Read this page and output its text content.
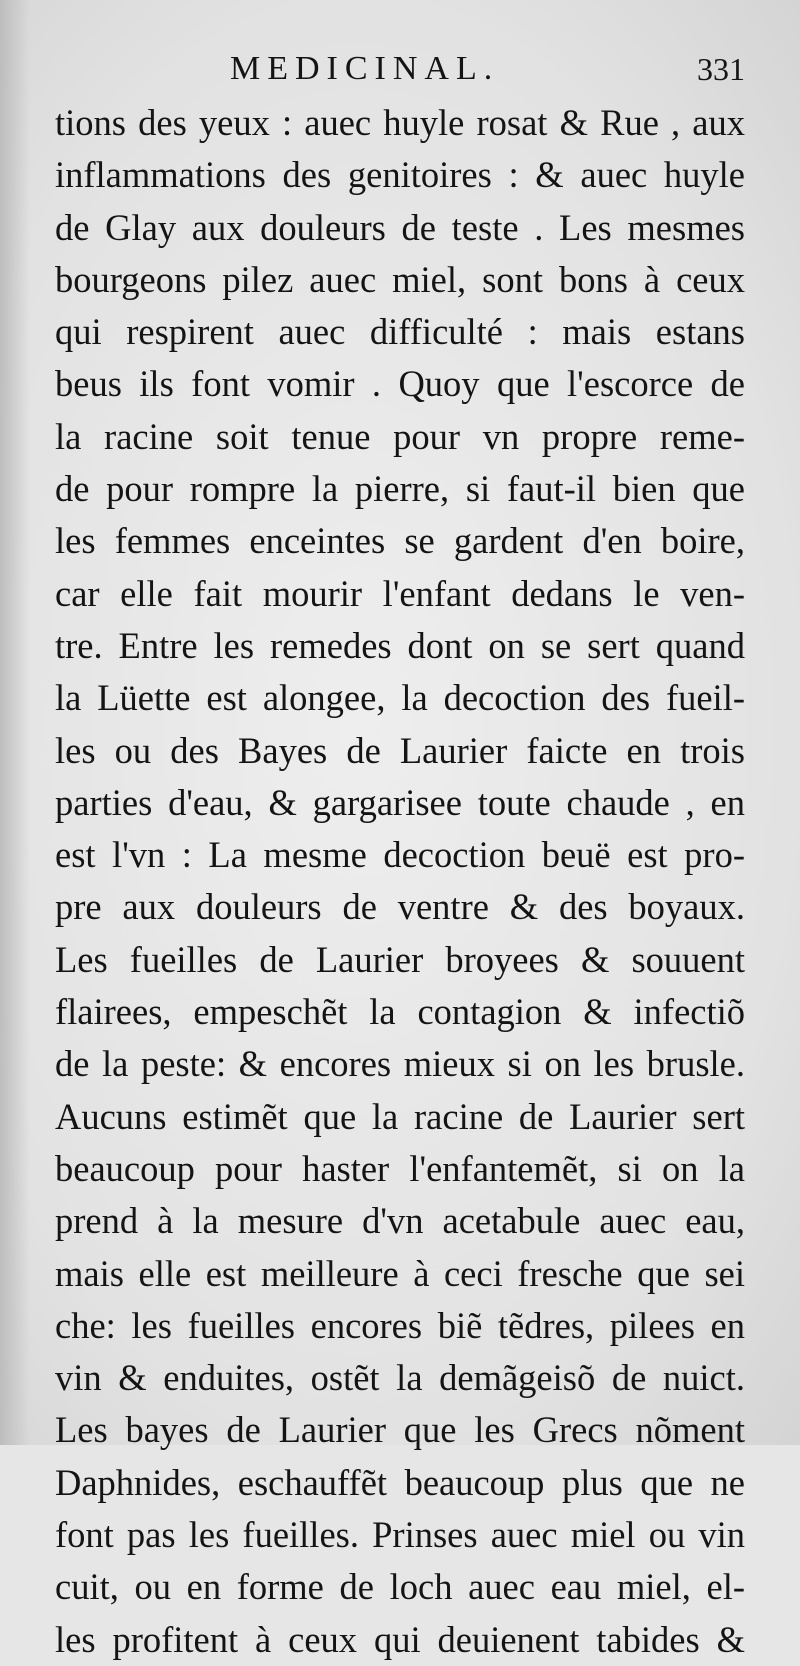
MEDICINAL.	331
tions des yeux : auec huyle rosat & Rue , aux
inflammations des genitoires : & auec huyle
de Glay aux douleurs de teste . Les mesmes
bourgeons pilez auec miel, sont bons à ceux
qui respirent auec difficulté : mais estans
beus ils font vomir . Quoy que l'escorce de
la racine soit tenue pour vn propre reme-
de pour rompre la pierre, si faut-il bien que
les femmes enceintes se gardent d'en boire,
car elle fait mourir l'enfant dedans le ven-
tre. Entre les remedes dont on se sert quand
la Lüette est alongee, la decoction des fueil-
les ou des Bayes de Laurier faicte en trois
parties d'eau, & gargarisee toute chaude , en
est l'vn : La mesme decoction beuë est pro-
pre aux douleurs de ventre & des boyaux.
Les fueilles de Laurier broyees & souuent
flairees, empeschẽt la contagion & infectiõ
de la peste: & encores mieux si on les brusle.
Aucuns estimẽt que la racine de Laurier sert
beaucoup pour haster l'enfantemẽt, si on la
prend à la mesure d'vn acetabule auec eau,
mais elle est meilleure à ceci fresche que sei
che: les fueilles encores biẽ tẽdres, pilees en
vin & enduites, ostẽt la demãgeisõ de nuict.
Les bayes de Laurier que les Grecs nõment
Daphnides, eschauffẽt beaucoup plus que ne
font pas les fueilles. Prinses auec miel ou vin
cuit, ou en forme de loch auec eau miel, el-
les profitent à ceux qui deuienent tabides &
